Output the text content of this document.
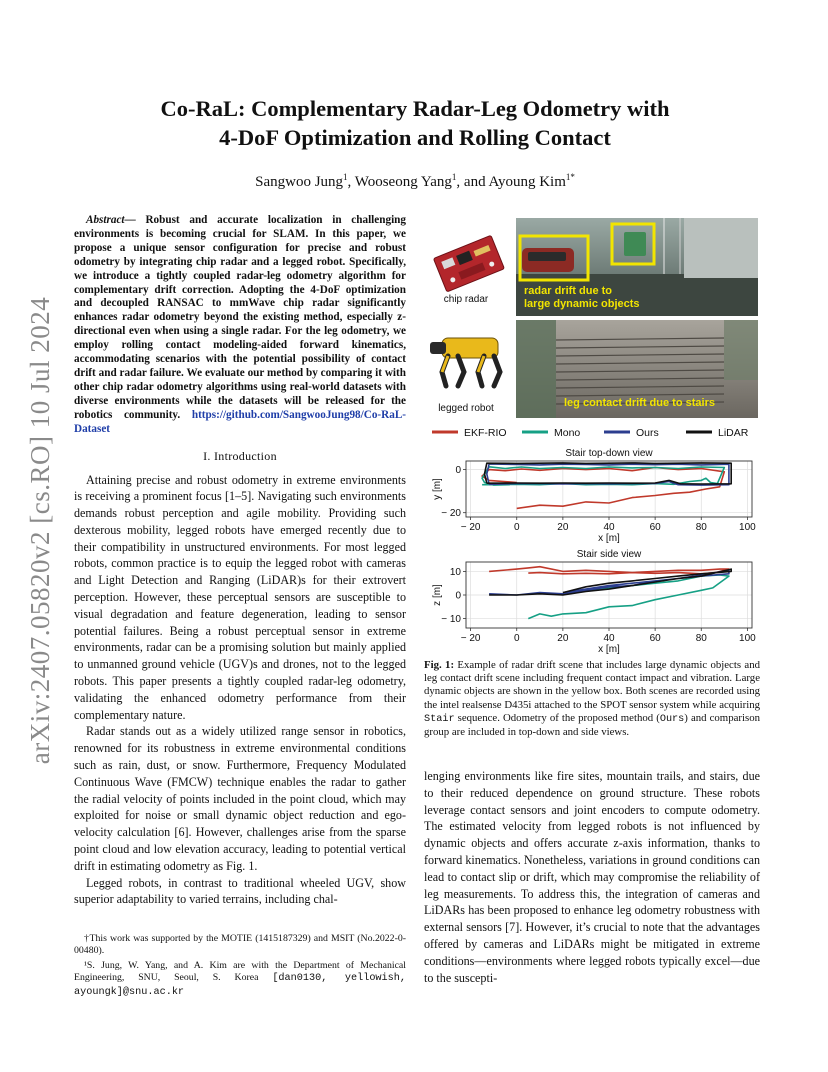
arXiv:2407.05820v2 [cs.RO] 10 Jul 2024
Co-RaL: Complementary Radar-Leg Odometry with
4-DoF Optimization and Rolling Contact
Sangwoo Jung$^1$, Wooseong Yang$^1$, and Ayoung Kim$^{1*}$
Abstract— Robust and accurate localization in challenging environments is becoming crucial for SLAM. In this paper, we propose a unique sensor configuration for precise and robust odometry by integrating chip radar and a legged robot. Specifically, we introduce a tightly coupled radar-leg odometry algorithm for complementary drift correction. Adopting the 4-DoF optimization and decoupled RANSAC to mmWave chip radar significantly enhances radar odometry beyond the existing method, especially z-directional even when using a single radar. For the leg odometry, we employ rolling contact modeling-aided forward kinematics, accommodating scenarios with the potential possibility of contact drift and radar failure. We evaluate our method by comparing it with other chip radar odometry algorithms using real-world datasets with diverse environments while the datasets will be released for the robotics community. https://github.com/SangwooJung98/Co-RaL-Dataset
I. Introduction

Attaining precise and robust odometry in extreme environments is receiving a prominent focus [1–5]. Navigating such environments demands robust perception and agile mobility. Providing such dexterous mobility, legged robots have emerged recently due to their compatibility in unstructured environments. For most legged robots, common practice is to equip the legged robot with cameras and Light Detection and Ranging (LiDAR)s for their extrovert perception. However, these perceptual sensors are susceptible to visual degradation and feature degeneration, leading to sensor potential failures. Being a robust perceptual sensor in extreme environments, radar can be a promising solution but mainly applied to unmanned ground vehicle (UGV)s and drones, not to the legged robots. This paper presents a tightly coupled radar-leg odometry, validating the enhanced odometry performance from their complementary nature.

Radar stands out as a widely utilized range sensor in robotics, renowned for its robustness in extreme environmental conditions such as rain, dust, or snow. Furthermore, Frequency Modulated Continuous Wave (FMCW) technique enables the radar to gather the radial velocity of points included in the point cloud, which may exploited for noise or small dynamic object reduction and ego-velocity calculation [6]. However, challenges arise from the sparse point cloud and low elevation accuracy, leading to potential vertical drift in estimating odometry as Fig. 1.

Legged robots, in contrast to traditional wheeled UGV, show superior adaptability to varied terrains, including chal-

†This work was supported by the MOTIE (1415187329) and MSIT (No.2022-0-00480).

¹S. Jung, W. Yang, and A. Kim are with the Department of Mechanical Engineering, SNU, Seoul, S. Korea [dan0130, yellowish, ayoungk]@snu.ac.kr

chip radar
legged robot
radar drift due to
large dynamic objects
leg contact drift due to stairs
EKF-RIO	Mono	Ours	LiDAR
Stair top-down view
− 20	0	20	40	60	80	100
0
− 20
x [m]
y [m]
Stair side view
− 20	0	20	40	60	80	100
10
0
− 10
x [m]
z [m]
Fig. 1: Example of radar drift scene that includes large dynamic objects and leg contact drift scene including frequent contact impact and vibration. Large dynamic objects are shown in the yellow box. Both scenes are recorded using the intel realsense D435i attached to the SPOT sensor system while acquiring Stair sequence. Odometry of the proposed method (Ours) and comparison group are included in top-down and side views.

lenging environments like fire sites, mountain trails, and stairs, due to their reduced dependence on ground structure. These robots leverage contact sensors and joint encoders to compute odometry. The estimated velocity from legged robots is not influenced by dynamic objects and offers accurate z-axis information, thanks to forward kinematics. Nonetheless, variations in ground conditions can lead to contact slip or drift, which may compromise the reliability of leg measurements. To address this, the integration of cameras and LiDARs has been proposed to enhance leg odometry robustness with external sensors [7]. However, it’s crucial to note that the advantages offered by cameras and LiDARs might be mitigated in extreme conditions—environments where legged robots typically excel—due to the suscepti-
